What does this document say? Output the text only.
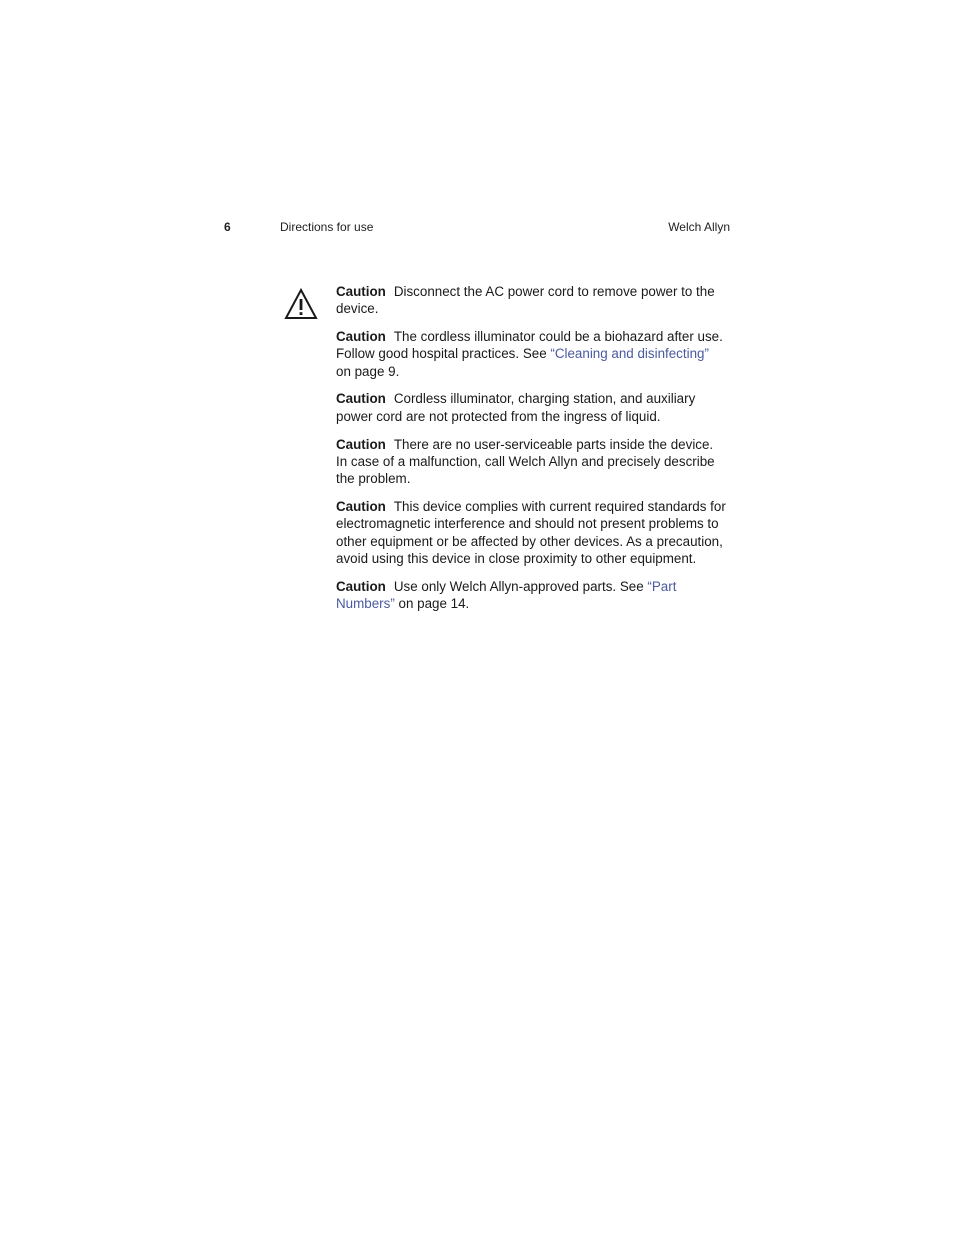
6	Directions for use	Welch Allyn

Caution Disconnect the AC power cord to remove power to the device.

Caution The cordless illuminator could be a biohazard after use. Follow good hospital practices. See “Cleaning and disinfecting” on page 9.

Caution Cordless illuminator, charging station, and auxiliary power cord are not protected from the ingress of liquid.

Caution There are no user-serviceable parts inside the device. In case of a malfunction, call Welch Allyn and precisely describe the problem.

Caution This device complies with current required standards for electromagnetic interference and should not present problems to other equipment or be affected by other devices. As a precaution, avoid using this device in close proximity to other equipment.

Caution Use only Welch Allyn-approved parts. See “Part Numbers” on page 14.
